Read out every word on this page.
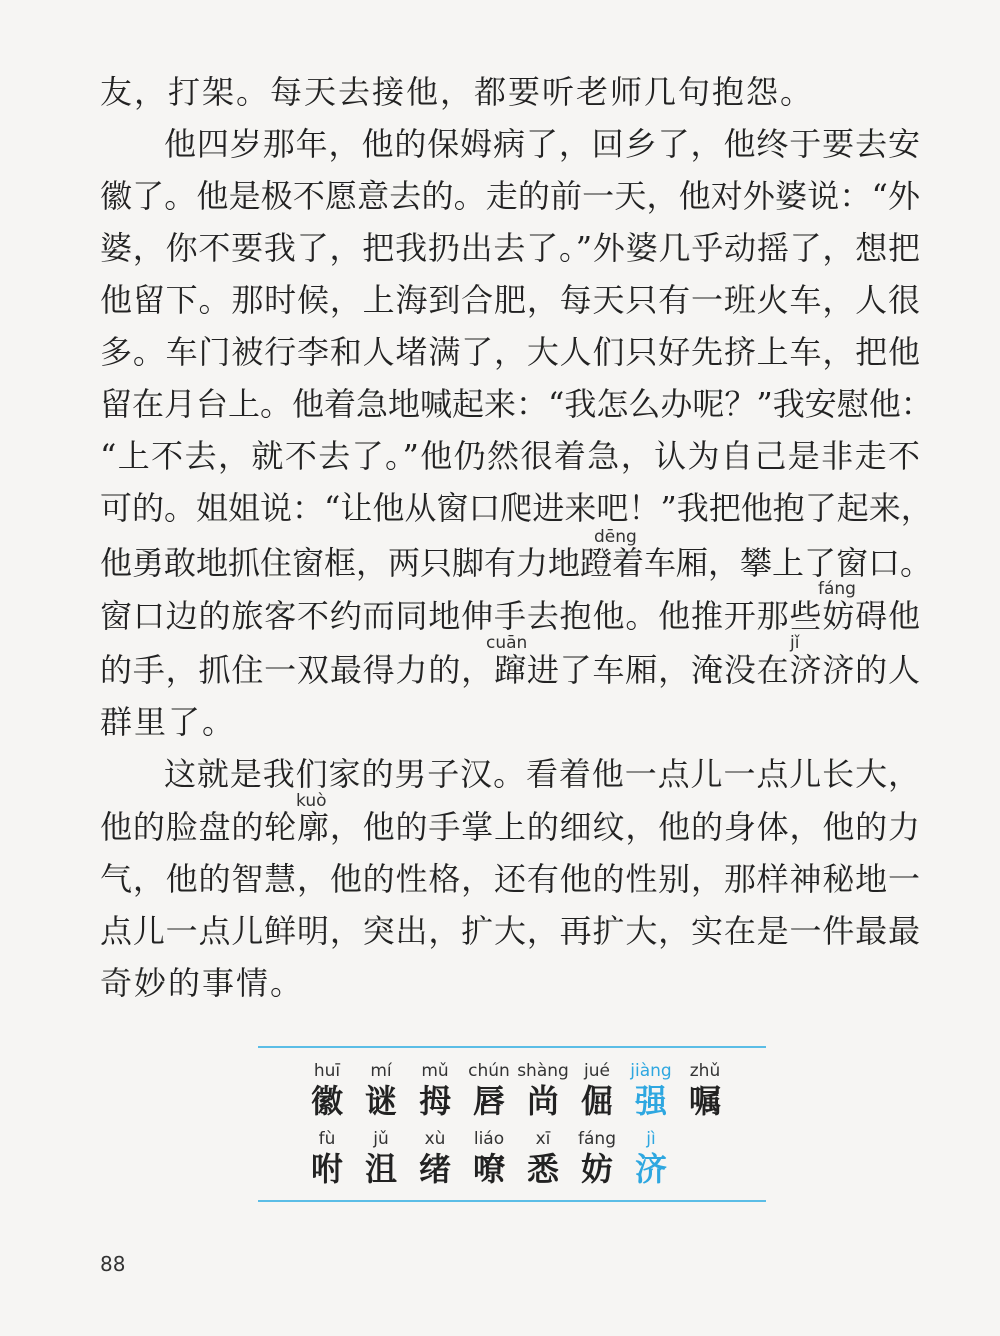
友，打架。每天去接他，都要听老师几句抱怨。
他四岁那年，他的保姆病了，回乡了，他终于要去安
徽了。他是极不愿意去的。走的前一天，他对外婆说：“外
婆，你不要我了，把我扔出去了。”外婆几乎动摇了，想把
他留下。那时候，上海到合肥，每天只有一班火车，人很
多。车门被行李和人堵满了，大人们只好先挤上车，把他
留在月台上。他着急地喊起来：“我怎么办呢？”我安慰他：
“上不去，就不去了。”他仍然很着急，认为自己是非走不
可的。姐姐说：“让他从窗口爬进来吧！”我把他抱了起来，
dēng
他勇敢地抓住窗框，两只脚有力地蹬着车厢，攀上了窗口。
fáng
窗口边的旅客不约而同地伸手去抱他。他推开那些妨碍他
cuān	jǐ
的手，抓住一双最得力的，蹿进了车厢，淹没在济济的人
群里了。
这就是我们家的男子汉。看着他一点儿一点儿长大，
kuò
他的脸盘的轮廓，他的手掌上的细纹，他的身体，他的力
气，他的智慧，他的性格，还有他的性别，那样神秘地一
点儿一点儿鲜明，突出，扩大，再扩大，实在是一件最最
奇妙的事情。
huī
徽
mí
谜
mǔ
拇
chún
唇
shàng
尚
jué
倔
jiàng
强
zhǔ
嘱
fù
咐
jǔ
沮
xù
绪
liáo
嘹
xī
悉
fáng
妨
jì
济
88
